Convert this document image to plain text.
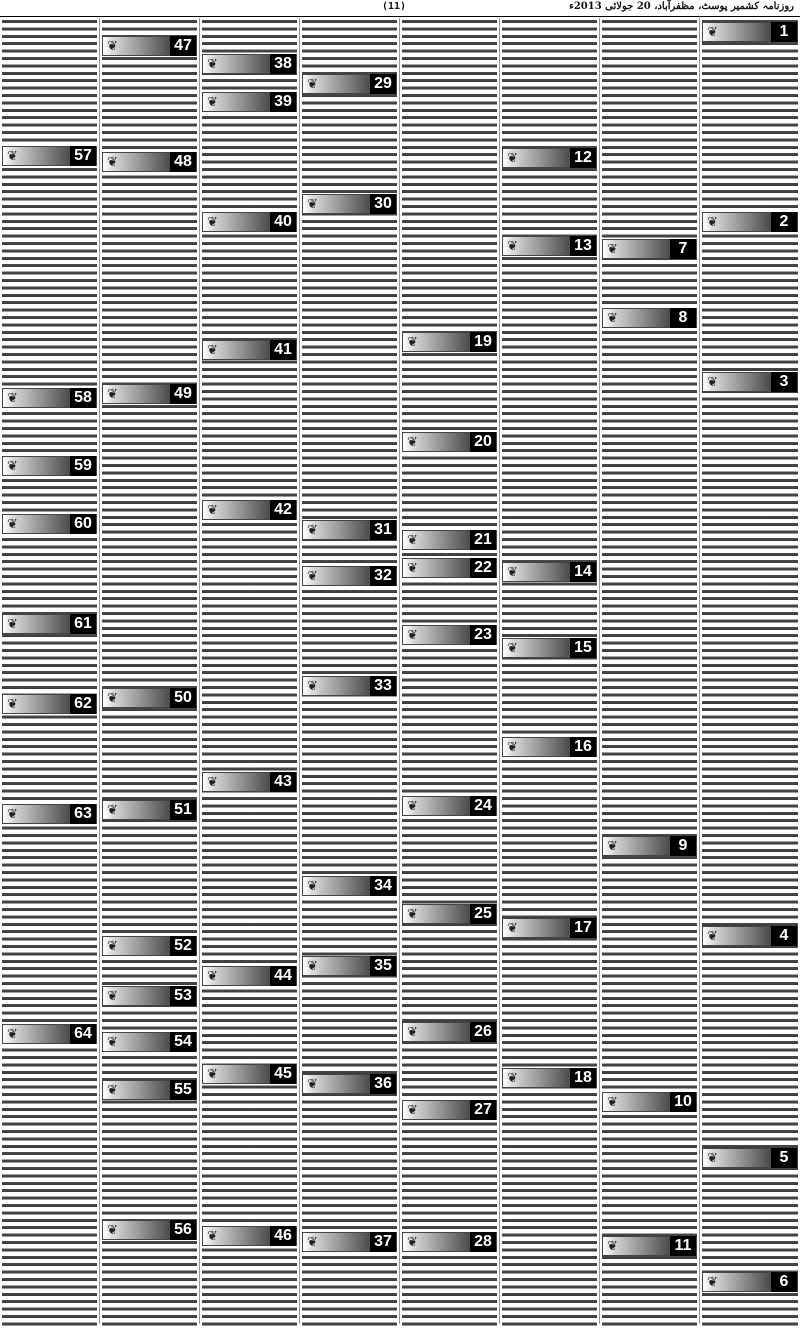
(11)	روزنامہ کشمیر پوسٹ، مظفرآباد، 20 جولائی 2013ء
❦	1
❦	2
❦	3
❦	4
❦	5
❦	6
❦	7
❦	8
❦	9
❦	10
❦	11
❦	12
❦	13
❦	14
❦	15
❦	16
❦	17
❦	18
❦	19
❦	20
❦	21
❦	22
❦	23
❦	24
❦	25
❦	26
❦	27
❦	28
❦	29
❦	30
❦	31
❦	32
❦	33
❦	34
❦	35
❦	36
❦	37
❦	38
❦	39
❦	40
❦	41
❦	42
❦	43
❦	44
❦	45
❦	46
❦	47
❦	48
❦	49
❦	50
❦	51
❦	52
❦	53
❦	54
❦	55
❦	56
❦	57
❦	58
❦	59
❦	60
❦	61
❦	62
❦	63
❦	64
